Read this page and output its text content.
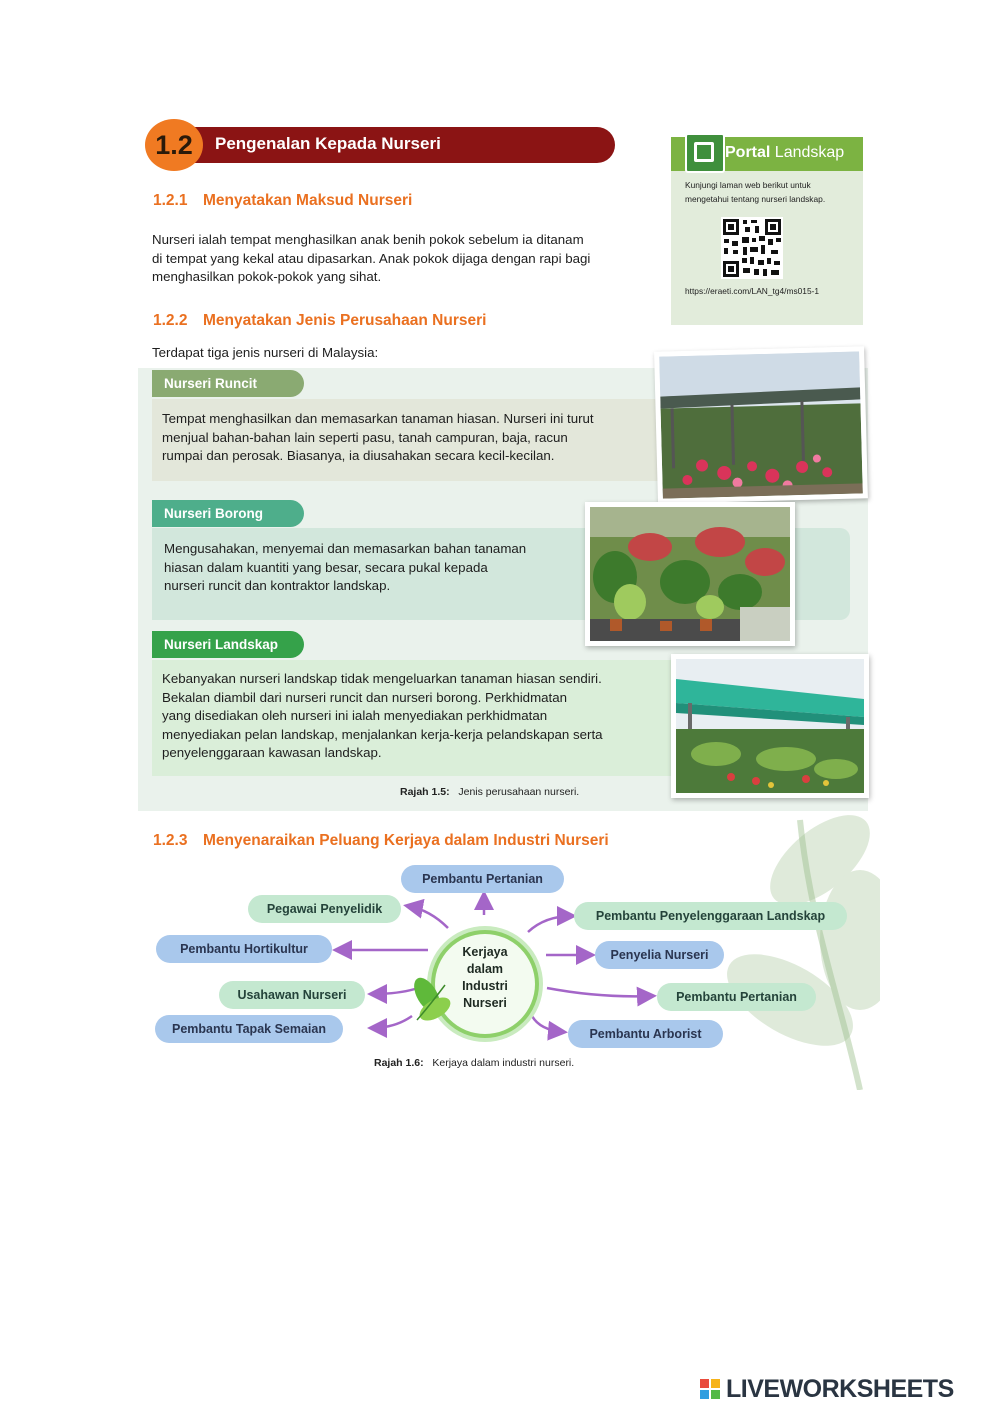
1.2	Pengenalan Kepada Nurseri
1.2.1 Menyatakan Maksud Nurseri
Nurseri ialah tempat menghasilkan anak benih pokok sebelum ia ditanam
di tempat yang kekal atau dipasarkan. Anak pokok dijaga dengan rapi bagi
menghasilkan pokok-pokok yang sihat.
Portal Landskap
Kunjungi laman web berikut untuk
mengetahui tentang nurseri landskap.
https://eraeti.com/LAN_tg4/ms015-1
1.2.2 Menyatakan Jenis Perusahaan Nurseri
Terdapat tiga jenis nurseri di Malaysia:
Nurseri Runcit
Tempat menghasilkan dan memasarkan tanaman hiasan. Nurseri ini turut
menjual bahan-bahan lain seperti pasu, tanah campuran, baja, racun
rumpai dan perosak. Biasanya, ia diusahakan secara kecil-kecilan.
Nurseri Borong
Mengusahakan, menyemai dan memasarkan bahan tanaman
hiasan dalam kuantiti yang besar, secara pukal kepada
nurseri runcit dan kontraktor landskap.
Nurseri Landskap
Kebanyakan nurseri landskap tidak mengeluarkan tanaman hiasan sendiri.
Bekalan diambil dari nurseri runcit dan nurseri borong. Perkhidmatan
yang disediakan oleh nurseri ini ialah menyediakan perkhidmatan
menyediakan pelan landskap, menjalankan kerja-kerja pelandskapan serta
penyelenggaraan kawasan landskap.
Rajah 1.5: Jenis perusahaan nurseri.
1.2.3 Menyenaraikan Peluang Kerjaya dalam Industri Nurseri
Kerjaya
dalam
Industri
Nurseri
Pembantu Pertanian
Pegawai Penyelidik
Pembantu Hortikultur
Usahawan Nurseri
Pembantu Tapak Semaian
Pembantu Penyelenggaraan Landskap
Penyelia Nurseri
Pembantu Pertanian
Pembantu Arborist
Rajah 1.6: Kerjaya dalam industri nurseri.
LIVEWORKSHEETS
